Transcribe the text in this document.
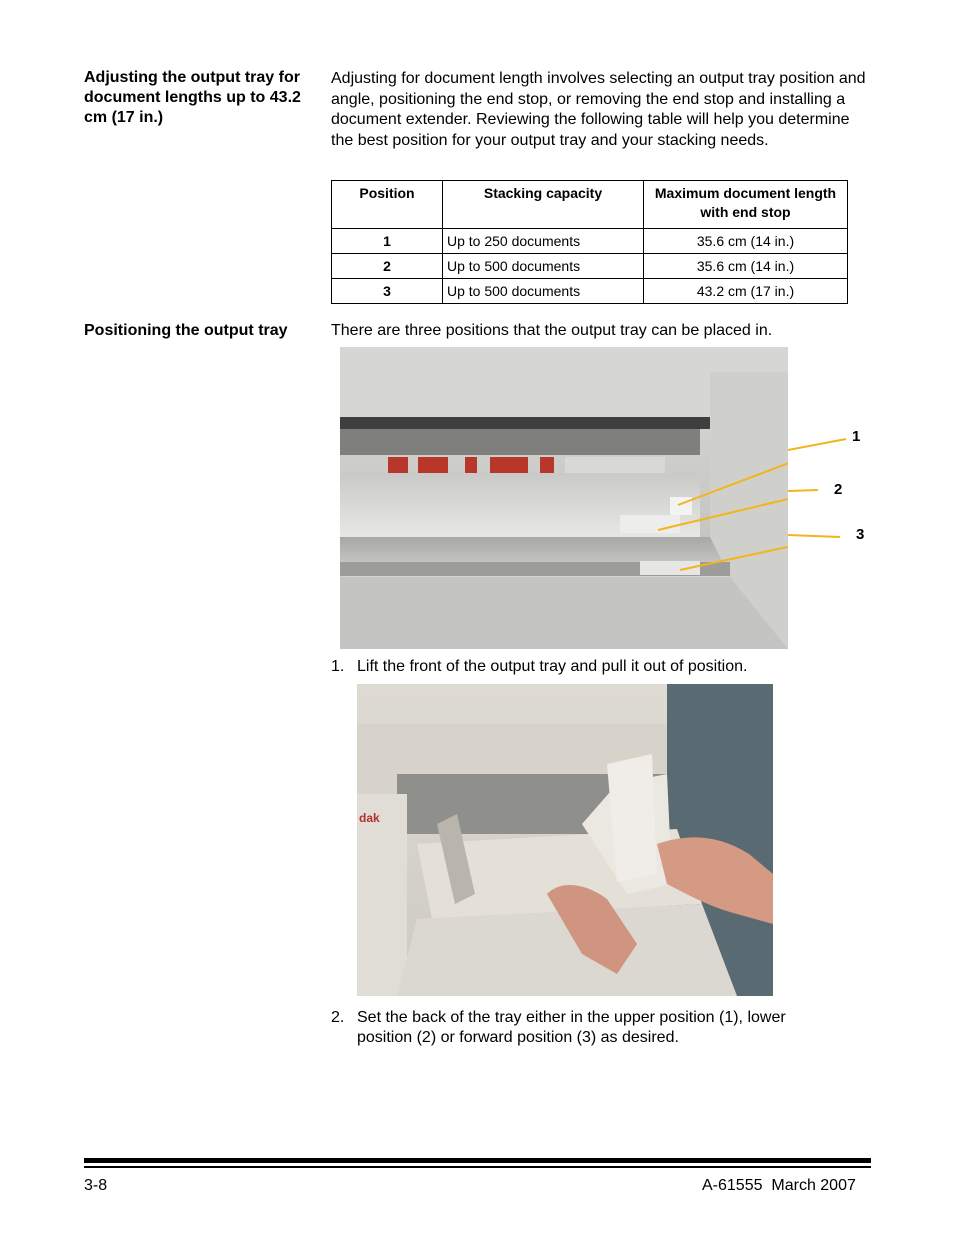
Adjusting the output tray for document lengths up to 43.2 cm (17 in.)
Adjusting for document length involves selecting an output tray position and angle, positioning the end stop, or removing the end stop and installing a document extender. Reviewing the following table will help you determine the best position for your output tray and your stacking needs.
Position	Stacking capacity	Maximum document length with end stop
1	Up to 250 documents	35.6 cm (14 in.)
2	Up to 500 documents	35.6 cm (14 in.)
3	Up to 500 documents	43.2 cm (17 in.)
Positioning the output tray	There are three positions that the output tray can be placed in.
1
2
3
1. Lift the front of the output tray and pull it out of position.
dak
2. Set the back of the tray either in the upper position (1), lower position (2) or forward position (3) as desired.
3-8	A-61555  March 2007
